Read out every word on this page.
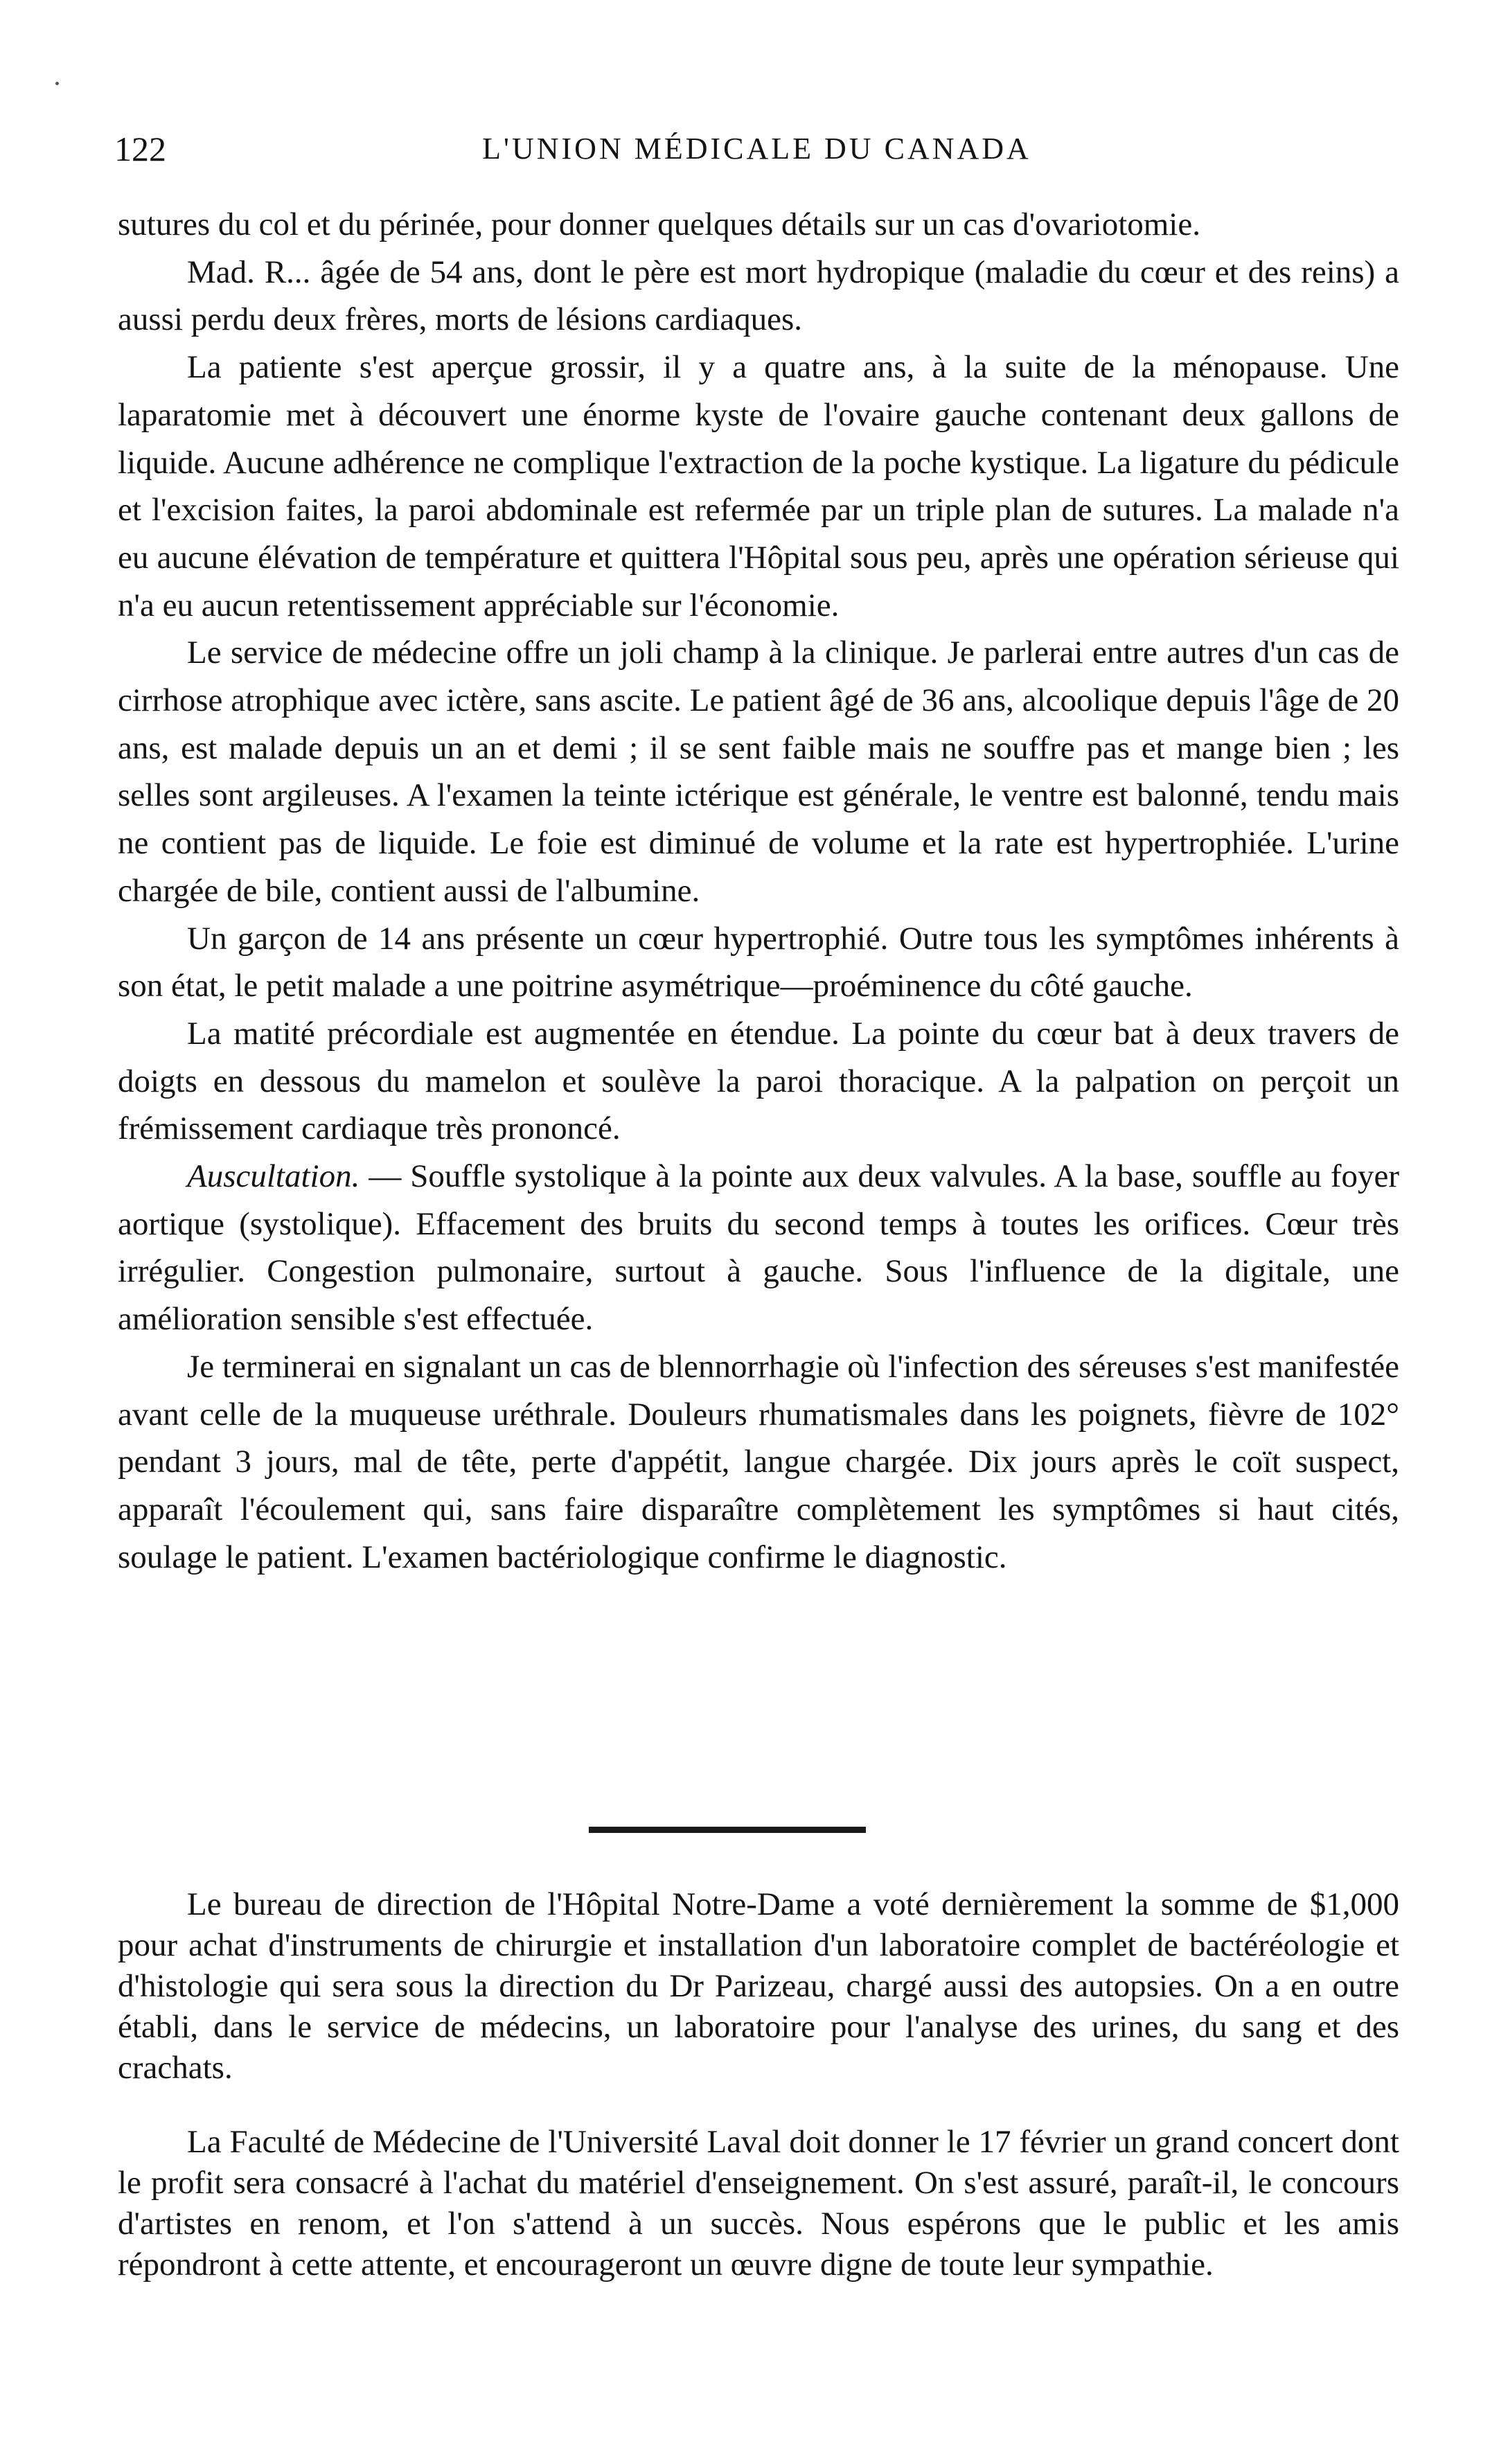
122	L'UNION MÉDICALE DU CANADA

sutures du col et du périnée, pour donner quelques détails sur un cas d'ovariotomie.

Mad. R... âgée de 54 ans, dont le père est mort hydropique (maladie du cœur et des reins) a aussi perdu deux frères, morts de lésions cardiaques.

La patiente s'est aperçue grossir, il y a quatre ans, à la suite de la ménopause. Une laparatomie met à découvert une énorme kyste de l'ovaire gauche contenant deux gallons de liquide. Aucune adhérence ne complique l'extraction de la poche kystique. La ligature du pédicule et l'excision faites, la paroi abdominale est refermée par un triple plan de sutures. La malade n'a eu aucune élévation de température et quittera l'Hôpital sous peu, après une opération sérieuse qui n'a eu aucun retentissement appréciable sur l'économie.

Le service de médecine offre un joli champ à la clinique. Je parlerai entre autres d'un cas de cirrhose atrophique avec ictère, sans ascite. Le patient âgé de 36 ans, alcoolique depuis l'âge de 20 ans, est malade depuis un an et demi ; il se sent faible mais ne souffre pas et mange bien ; les selles sont argileuses. A l'examen la teinte ictérique est générale, le ventre est balonné, tendu mais ne contient pas de liquide. Le foie est diminué de volume et la rate est hypertrophiée. L'urine chargée de bile, contient aussi de l'albumine.

Un garçon de 14 ans présente un cœur hypertrophié. Outre tous les symptômes inhérents à son état, le petit malade a une poitrine asymétrique—proéminence du côté gauche.

La matité précordiale est augmentée en étendue. La pointe du cœur bat à deux travers de doigts en dessous du mamelon et soulève la paroi thoracique. A la palpation on perçoit un frémissement cardiaque très prononcé.

Auscultation. — Souffle systolique à la pointe aux deux valvules. A la base, souffle au foyer aortique (systolique). Effacement des bruits du second temps à toutes les orifices. Cœur très irrégulier. Congestion pulmonaire, surtout à gauche. Sous l'influence de la digitale, une amélioration sensible s'est effectuée.

Je terminerai en signalant un cas de blennorrhagie où l'infection des séreuses s'est manifestée avant celle de la muqueuse uréthrale. Douleurs rhumatismales dans les poignets, fièvre de 102° pendant 3 jours, mal de tête, perte d'appétit, langue chargée. Dix jours après le coït suspect, apparaît l'écoulement qui, sans faire disparaître complètement les symptômes si haut cités, soulage le patient. L'examen bactériologique confirme le diagnostic.

Le bureau de direction de l'Hôpital Notre-Dame a voté dernièrement la somme de $1,000 pour achat d'instruments de chirurgie et installation d'un laboratoire complet de bactéréologie et d'histologie qui sera sous la direction du Dr Parizeau, chargé aussi des autopsies. On a en outre établi, dans le service de médecins, un laboratoire pour l'analyse des urines, du sang et des crachats.

La Faculté de Médecine de l'Université Laval doit donner le 17 février un grand concert dont le profit sera consacré à l'achat du matériel d'enseignement. On s'est assuré, paraît-il, le concours d'artistes en renom, et l'on s'attend à un succès. Nous espérons que le public et les amis répondront à cette attente, et encourageront un œuvre digne de toute leur sympathie.
